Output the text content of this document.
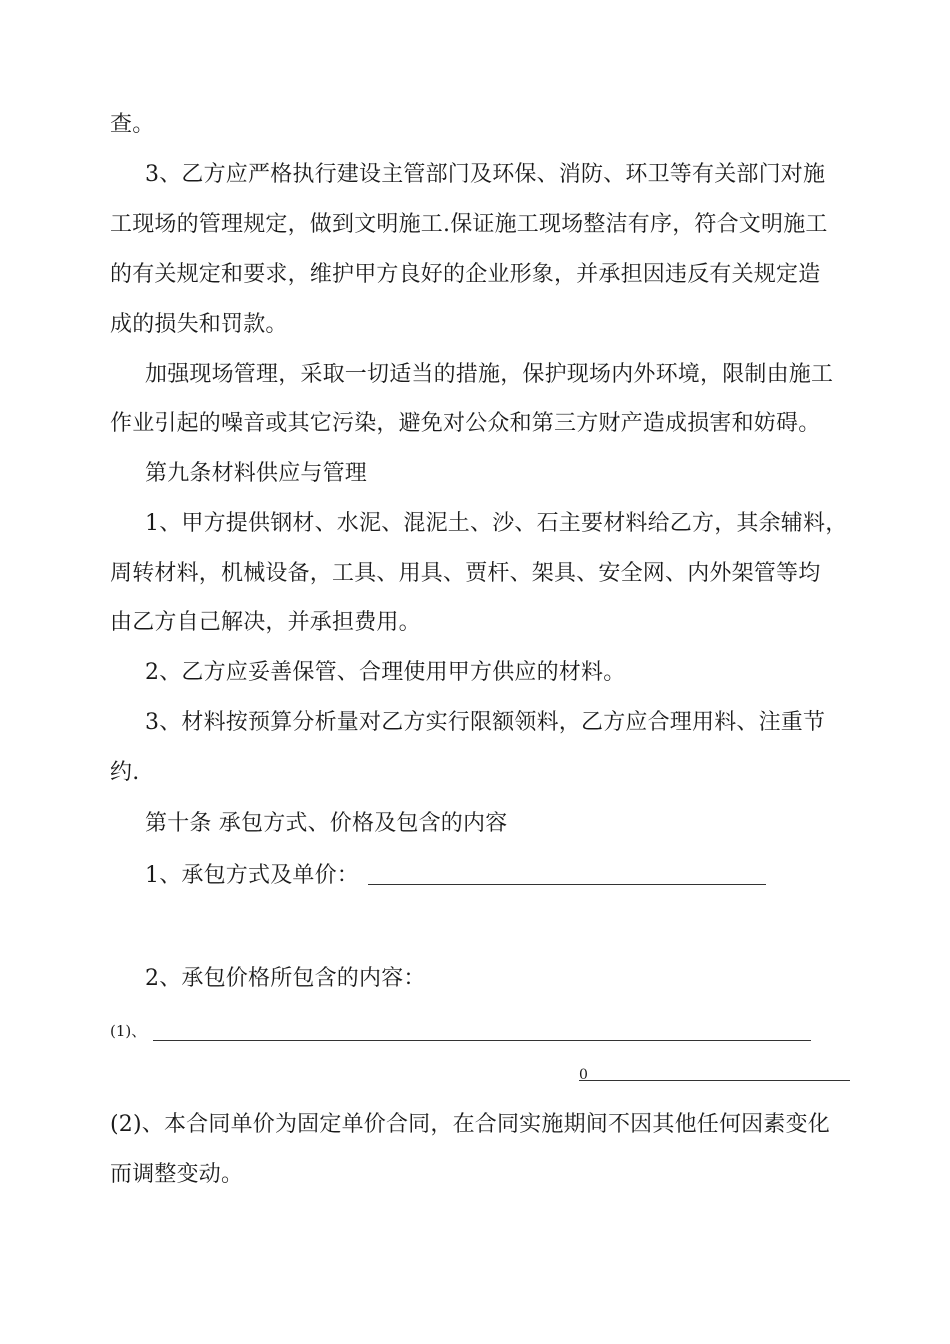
查。
3、乙方应严格执行建设主管部门及环保、消防、环卫等有关部门对施
工现场的管理规定，做到文明施工.保证施工现场整洁有序，符合文明施工
的有关规定和要求，维护甲方良好的企业形象，并承担因违反有关规定造
成的损失和罚款。
加强现场管理，采取一切适当的措施，保护现场内外环境，限制由施工
作业引起的噪音或其它污染，避免对公众和第三方财产造成损害和妨碍。
第九条材料供应与管理
1、甲方提供钢材、水泥、混泥土、沙、石主要材料给乙方，其余辅料，
周转材料，机械设备，工具、用具、贾杆、架具、安全网、内外架管等均
由乙方自己解决，并承担费用。
2、乙方应妥善保管、合理使用甲方供应的材料。
3、材料按预算分析量对乙方实行限额领料，乙方应合理用料、注重节
约.
第十条 承包方式、价格及包含的内容
1、承包方式及单价：
2、承包价格所包含的内容：
(1)、
0
(2)、本合同单价为固定单价合同，在合同实施期间不因其他任何因素变化
而调整变动。
